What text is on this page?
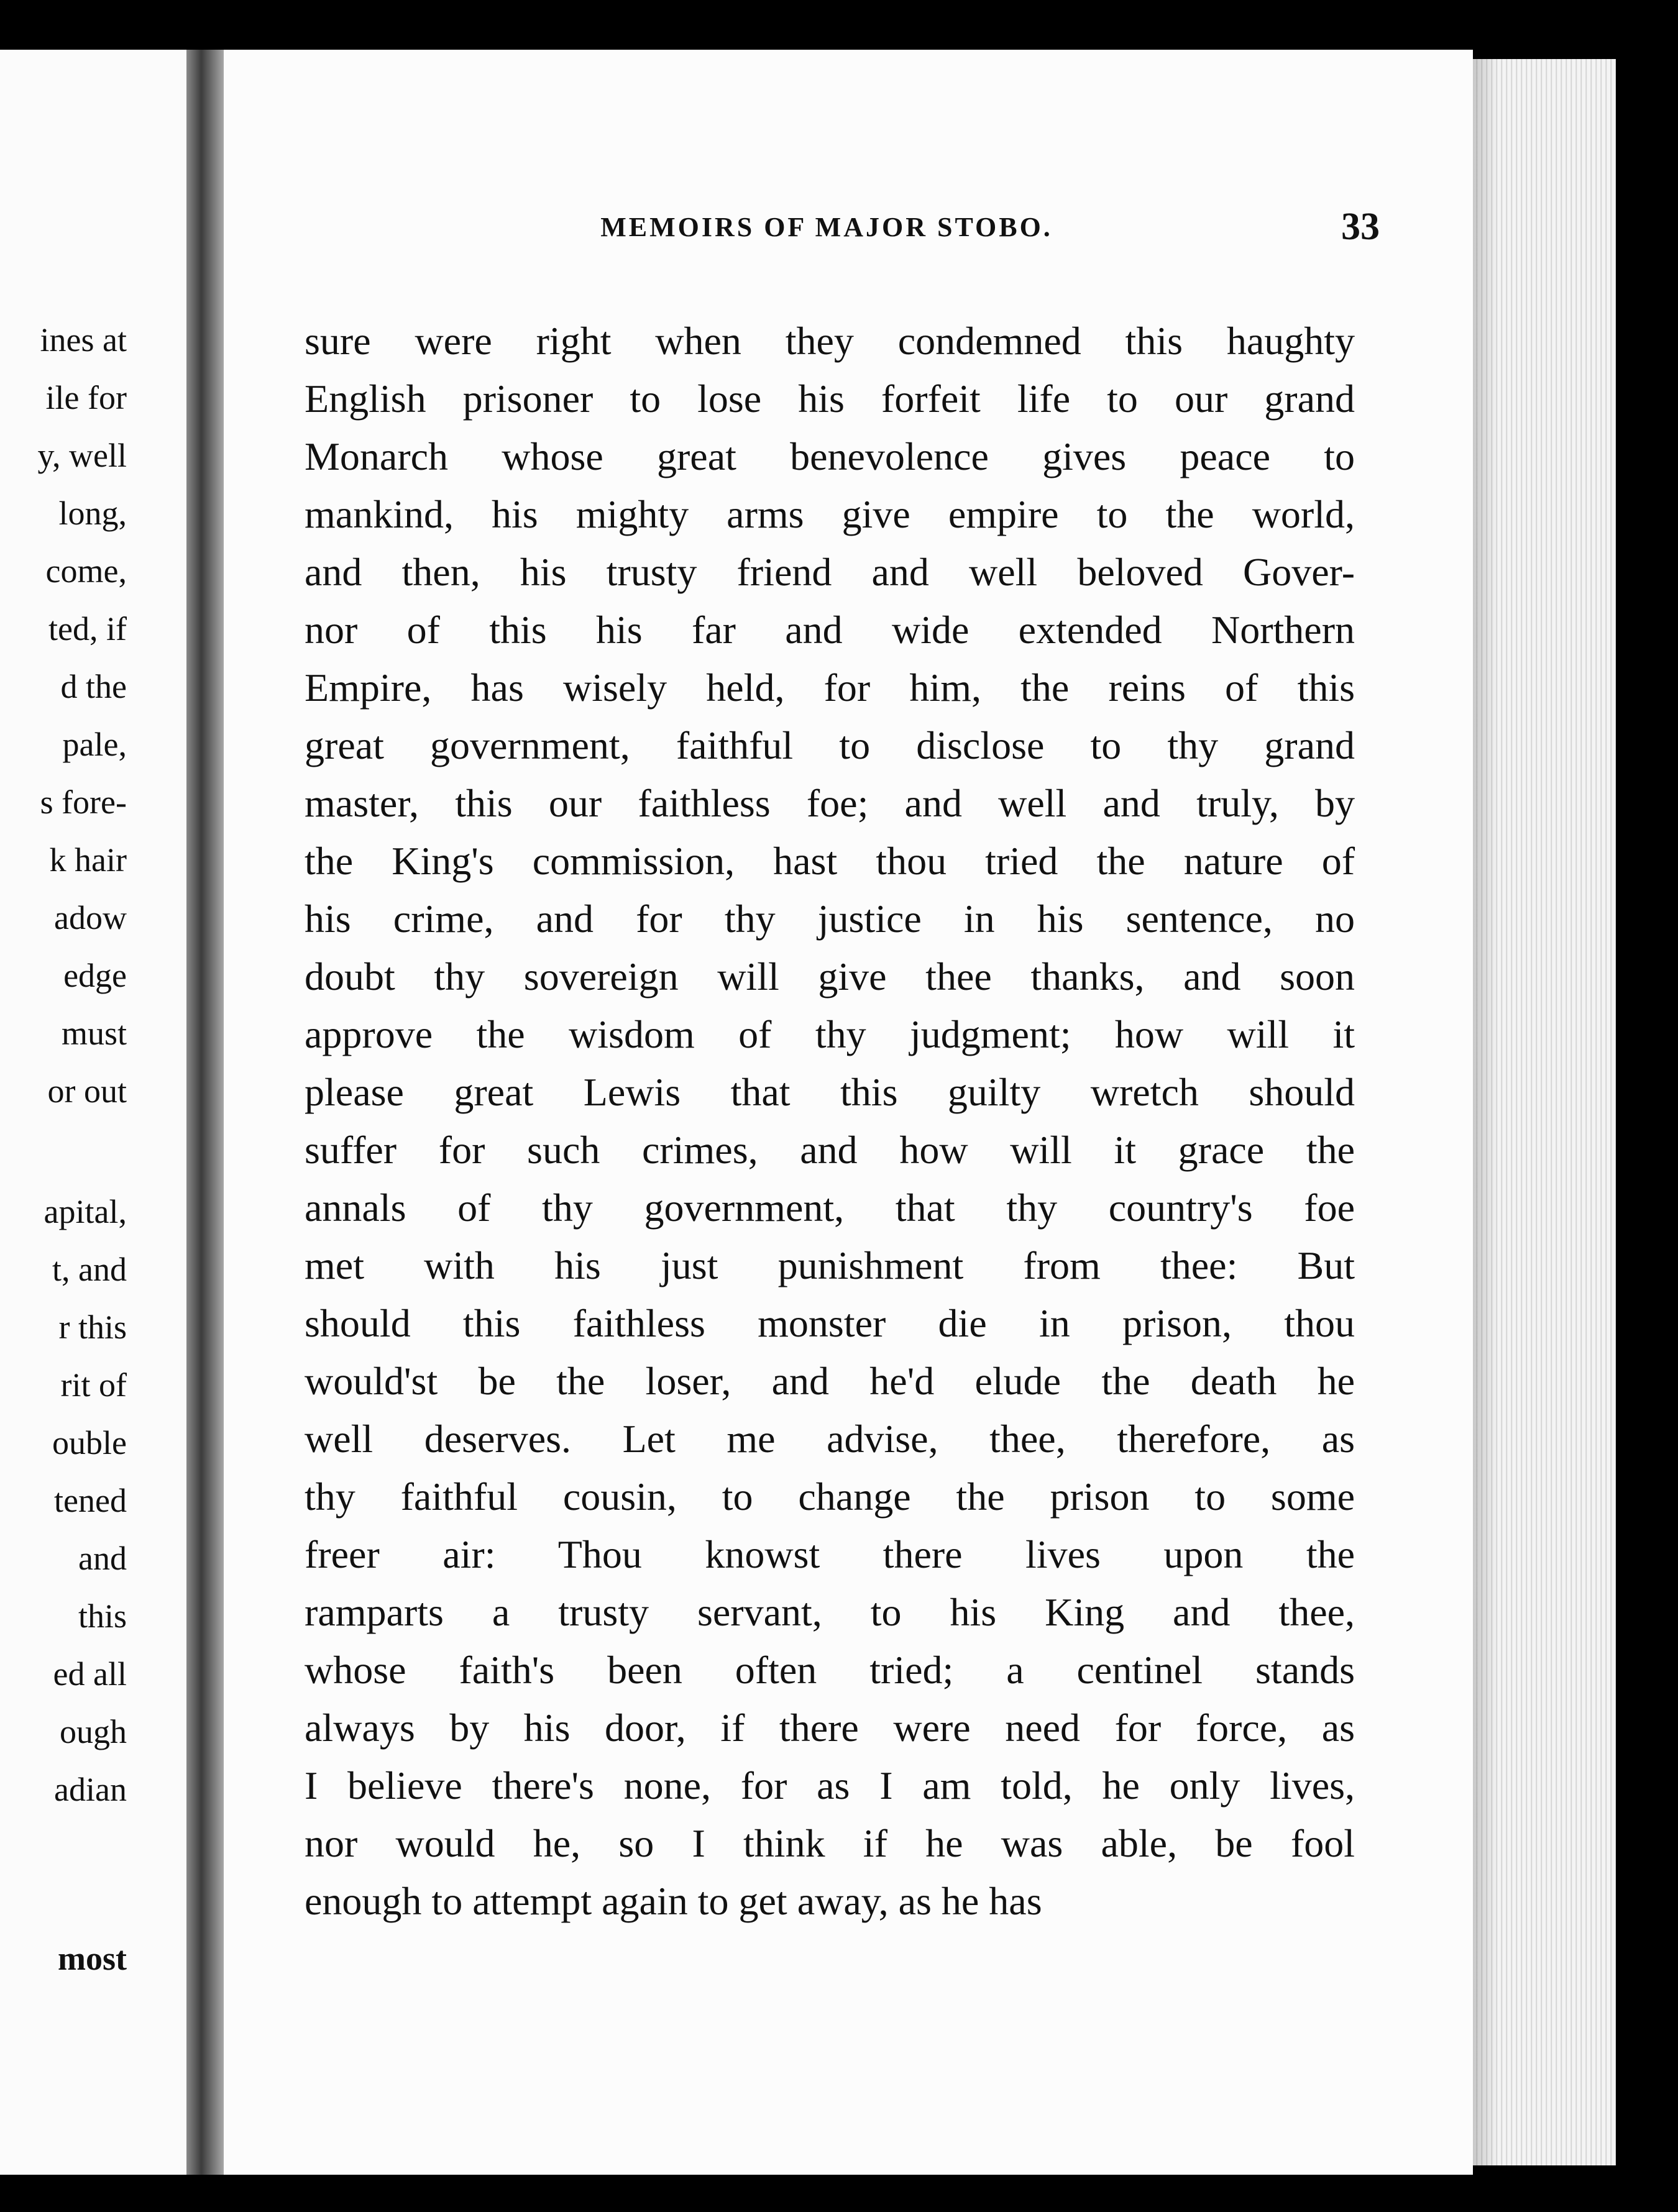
ines at
ile for
y, well
long,
come,
ted, if
d the
pale,
s fore-
k hair
adow
edge
must
or out
apital,
t, and
r this
rit of
ouble
tened
and
this
ed all
ough
adian
most
MEMOIRS OF MAJOR STOBO.	33
sure were right when they condemned this haughty
English prisoner to lose his forfeit life to our grand
Monarch whose great benevolence gives peace to
mankind, his mighty arms give empire to the world,
and then, his trusty friend and well beloved Gover-
nor of this his far and wide extended Northern
Empire, has wisely held, for him, the reins of this
great government, faithful to disclose to thy grand
master, this our faithless foe; and well and truly, by
the King's commission, hast thou tried the nature of
his crime, and for thy justice in his sentence, no
doubt thy sovereign will give thee thanks, and soon
approve the wisdom of thy judgment; how will it
please great Lewis that this guilty wretch should
suffer for such crimes, and how will it grace the
annals of thy government, that thy country's foe
met with his just punishment from thee: But
should this faithless monster die in prison, thou
would'st be the loser, and he'd elude the death he
well deserves. Let me advise, thee, therefore, as
thy faithful cousin, to change the prison to some
freer air: Thou knowst there lives upon the
ramparts a trusty servant, to his King and thee,
whose faith's been often tried; a centinel stands
always by his door, if there were need for force, as
I believe there's none, for as I am told, he only lives,
nor would he, so I think if he was able, be fool
enough to attempt again to get away, as he has
